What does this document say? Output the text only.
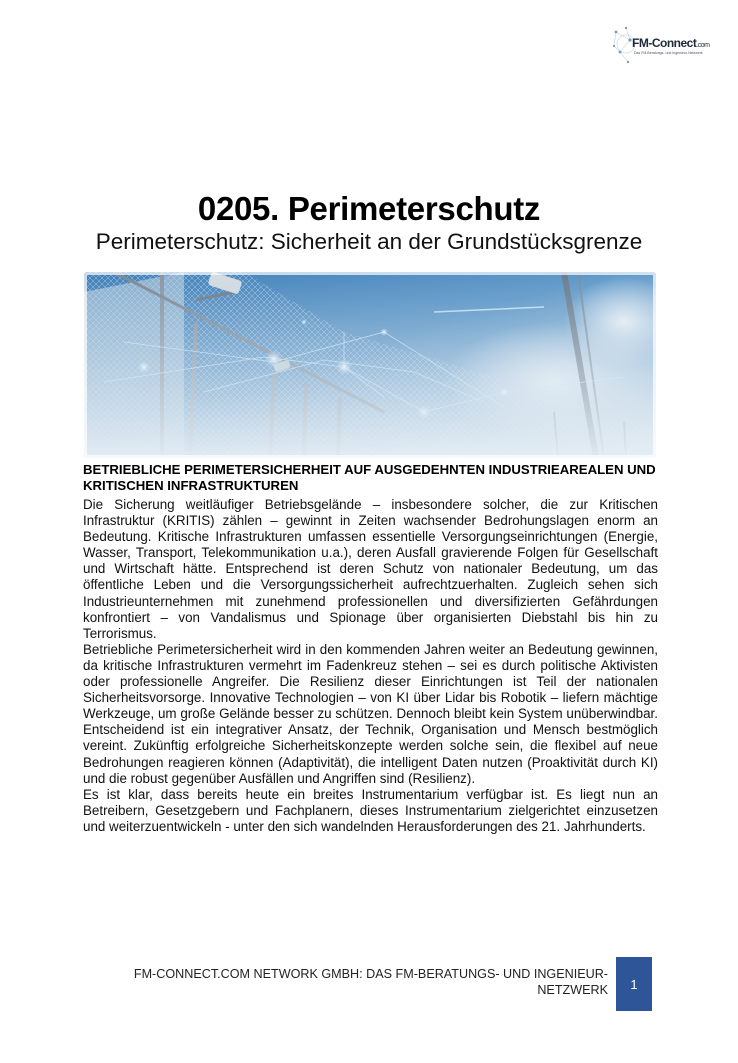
FM-Connect.com
Das FM-Beratungs- und Ingenieur-Netzwerk
0205. Perimeterschutz
Perimeterschutz: Sicherheit an der Grundstücksgrenze
BETRIEBLICHE PERIMETERSICHERHEIT AUF AUSGEDEHNTEN INDUSTRIEAREALEN UND KRITISCHEN INFRASTRUKTUREN

Die Sicherung weitläufiger Betriebsgelände – insbesondere solcher, die zur Kritischen Infrastruktur (KRITIS) zählen – gewinnt in Zeiten wachsender Bedrohungslagen enorm an Bedeutung. Kritische Infrastrukturen umfassen essentielle Versorgungseinrichtungen (Energie, Wasser, Transport, Telekommunikation u.a.), deren Ausfall gravierende Folgen für Gesellschaft und Wirtschaft hätte. Entsprechend ist deren Schutz von nationaler Bedeutung, um das öffentliche Leben und die Versorgungssicherheit aufrechtzuerhalten. Zugleich sehen sich Industrieunternehmen mit zunehmend professionellen und diversifizierten Gefährdungen konfrontiert – von Vandalismus und Spionage über organisierten Diebstahl bis hin zu Terrorismus.

Betriebliche Perimetersicherheit wird in den kommenden Jahren weiter an Bedeutung gewinnen, da kritische Infrastrukturen vermehrt im Fadenkreuz stehen – sei es durch politische Aktivisten oder professionelle Angreifer. Die Resilienz dieser Einrichtungen ist Teil der nationalen Sicherheitsvorsorge. Innovative Technologien – von KI über Lidar bis Robotik – liefern mächtige Werkzeuge, um große Gelände besser zu schützen. Dennoch bleibt kein System unüberwindbar. Entscheidend ist ein integrativer Ansatz, der Technik, Organisation und Mensch bestmöglich vereint. Zukünftig erfolgreiche Sicherheitskonzepte werden solche sein, die flexibel auf neue Bedrohungen reagieren können (Adaptivität), die intelligent Daten nutzen (Proaktivität durch KI) und die robust gegenüber Ausfällen und Angriffen sind (Resilienz).

Es ist klar, dass bereits heute ein breites Instrumentarium verfügbar ist. Es liegt nun an Betreibern, Gesetzgebern und Fachplanern, dieses Instrumentarium zielgerichtet einzusetzen und weiterzuentwickeln - unter den sich wandelnden Herausforderungen des 21. Jahrhunderts.

FM-CONNECT.COM NETWORK GMBH: DAS FM-BERATUNGS- UND INGENIEUR-NETZWERK 1
